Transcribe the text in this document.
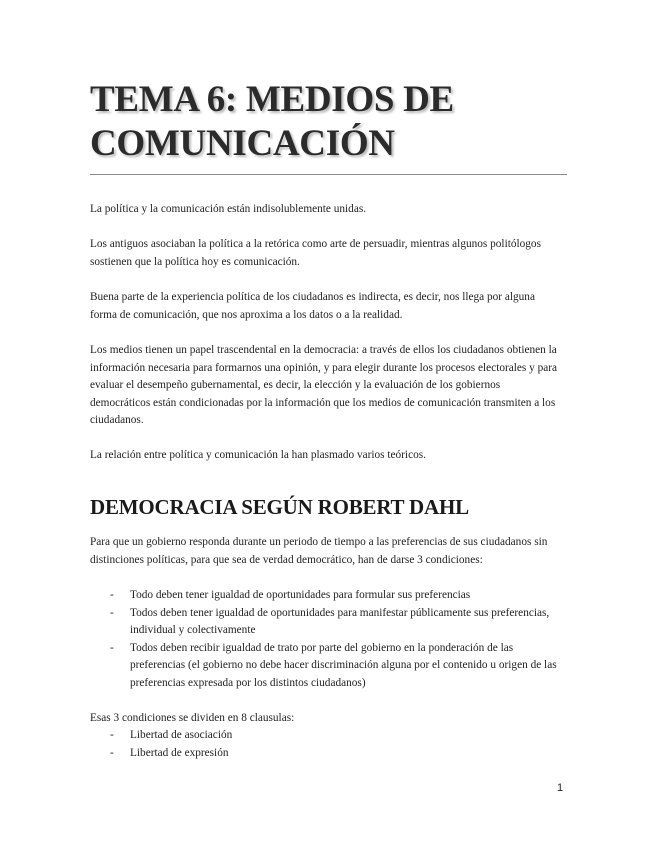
TEMA 6: MEDIOS DE
COMUNICACIÓN

La política y la comunicación están indisolublemente unidas.

Los antiguos asociaban la política a la retórica como arte de persuadir, mientras algunos politólogos sostienen que la política hoy es comunicación.

Buena parte de la experiencia política de los ciudadanos es indirecta, es decir, nos llega por alguna forma de comunicación, que nos aproxima a los datos o a la realidad.

Los medios tienen un papel trascendental en la democracia: a través de ellos los ciudadanos obtienen la información necesaria para formarnos una opinión, y para elegir durante los procesos electorales y para evaluar el desempeño gubernamental, es decir, la elección y la evaluación de los gobiernos democráticos están condicionadas por la información que los medios de comunicación transmiten a los ciudadanos.

La relación entre política y comunicación la han plasmado varios teóricos.

DEMOCRACIA SEGÚN ROBERT DAHL

Para que un gobierno responda durante un periodo de tiempo a las preferencias de sus ciudadanos sin distinciones políticas, para que sea de verdad democrático, han de darse 3 condiciones:

- Todo deben tener igualdad de oportunidades para formular sus preferencias
- Todos deben tener igualdad de oportunidades para manifestar públicamente sus preferencias, individual y colectivamente
- Todos deben recibir igualdad de trato por parte del gobierno en la ponderación de las preferencias (el gobierno no debe hacer discriminación alguna por el contenido u origen de las preferencias expresada por los distintos ciudadanos)

Esas 3 condiciones se dividen en 8 clausulas:

- Libertad de asociación
- Libertad de expresión
1
